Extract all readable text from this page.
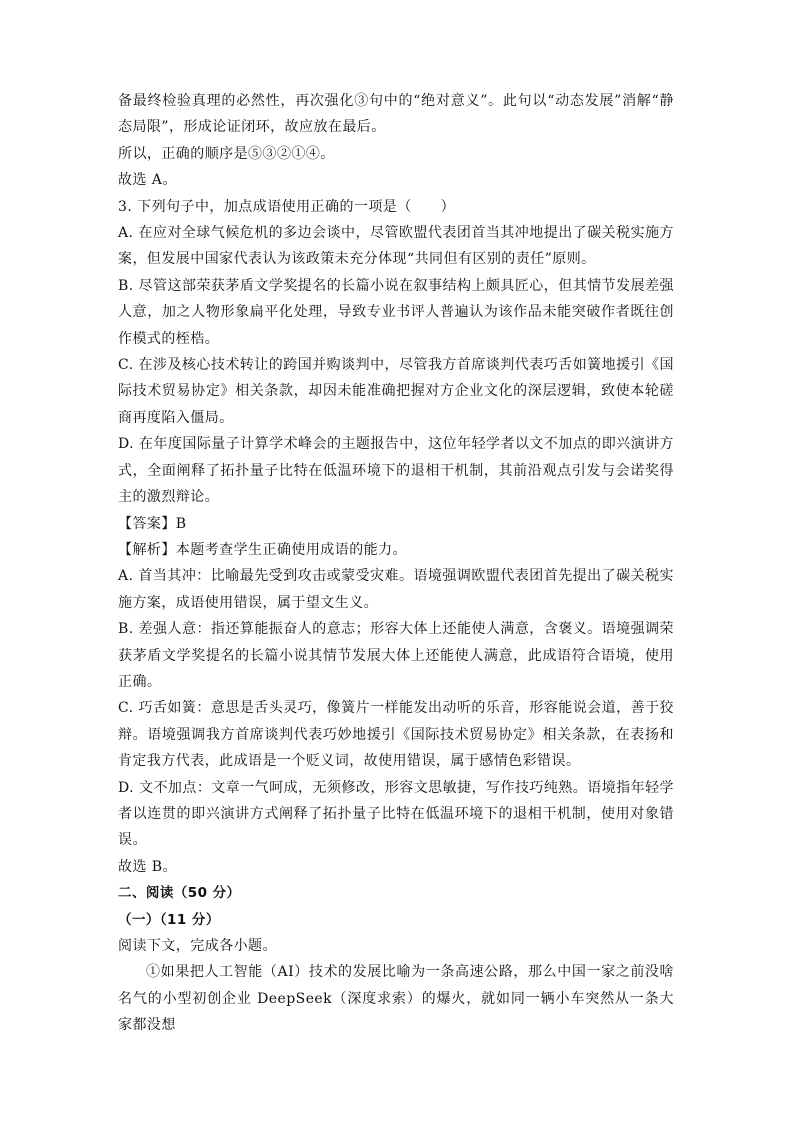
备最终检验真理的必然性，再次强化③句中的“绝对意义”。此句以“动态发展”消解“静态局限”，形成论证闭环，故应放在最后。

所以，正确的顺序是⑤③②①④。

故选 A。

3. 下列句子中，加点成语使用正确的一项是（　　）

A. 在应对全球气候危机的多边会谈中，尽管欧盟代表团首当其冲地提出了碳关税实施方案，但发展中国家代表认为该政策未充分体现“共同但有区别的责任”原则。

B. 尽管这部荣获茅盾文学奖提名的长篇小说在叙事结构上颇具匠心，但其情节发展差强人意，加之人物形象扁平化处理，导致专业书评人普遍认为该作品未能突破作者既往创作模式的桎梏。

C. 在涉及核心技术转让的跨国并购谈判中，尽管我方首席谈判代表巧舌如簧地援引《国际技术贸易协定》相关条款，却因未能准确把握对方企业文化的深层逻辑，致使本轮磋商再度陷入僵局。

D. 在年度国际量子计算学术峰会的主题报告中，这位年轻学者以文不加点的即兴演讲方式，全面阐释了拓扑量子比特在低温环境下的退相干机制，其前沿观点引发与会诺奖得主的激烈辩论。

【答案】B

【解析】本题考查学生正确使用成语的能力。

A. 首当其冲：比喻最先受到攻击或蒙受灾难。语境强调欧盟代表团首先提出了碳关税实施方案，成语使用错误，属于望文生义。

B. 差强人意：指还算能振奋人的意志；形容大体上还能使人满意，含褒义。语境强调荣获茅盾文学奖提名的长篇小说其情节发展大体上还能使人满意，此成语符合语境，使用正确。

C. 巧舌如簧：意思是舌头灵巧，像簧片一样能发出动听的乐音，形容能说会道，善于狡辩。语境强调我方首席谈判代表巧妙地援引《国际技术贸易协定》相关条款，在表扬和肯定我方代表，此成语是一个贬义词，故使用错误，属于感情色彩错误。

D. 文不加点：文章一气呵成，无须修改，形容文思敏捷，写作技巧纯熟。语境指年轻学者以连贯的即兴演讲方式阐释了拓扑量子比特在低温环境下的退相干机制，使用对象错误。

故选 B。

二、阅读（50 分）

（一）（11 分）

阅读下文，完成各小题。

①如果把人工智能（AI）技术的发展比喻为一条高速公路，那么中国一家之前没啥名气的小型初创企业 DeepSeek（深度求索）的爆火，就如同一辆小车突然从一条大家都没想
